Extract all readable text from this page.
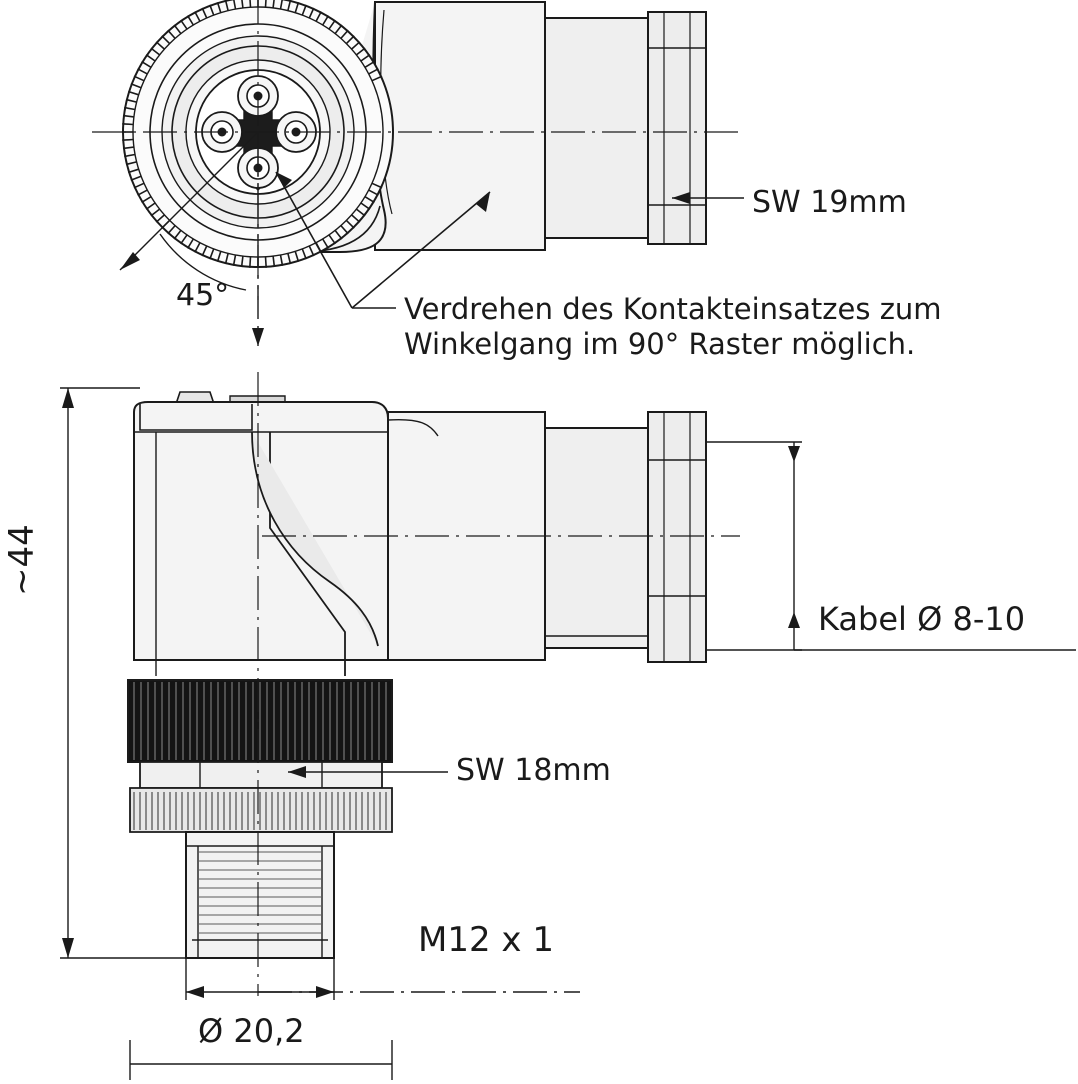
SW 19mm
45°	Verdrehen des Kontakteinsatzes zum
Winkelgang im 90° Raster möglich.
Kabel Ø 8-10
SW 18mm
M12 x 1
Ø 20,2
~44
